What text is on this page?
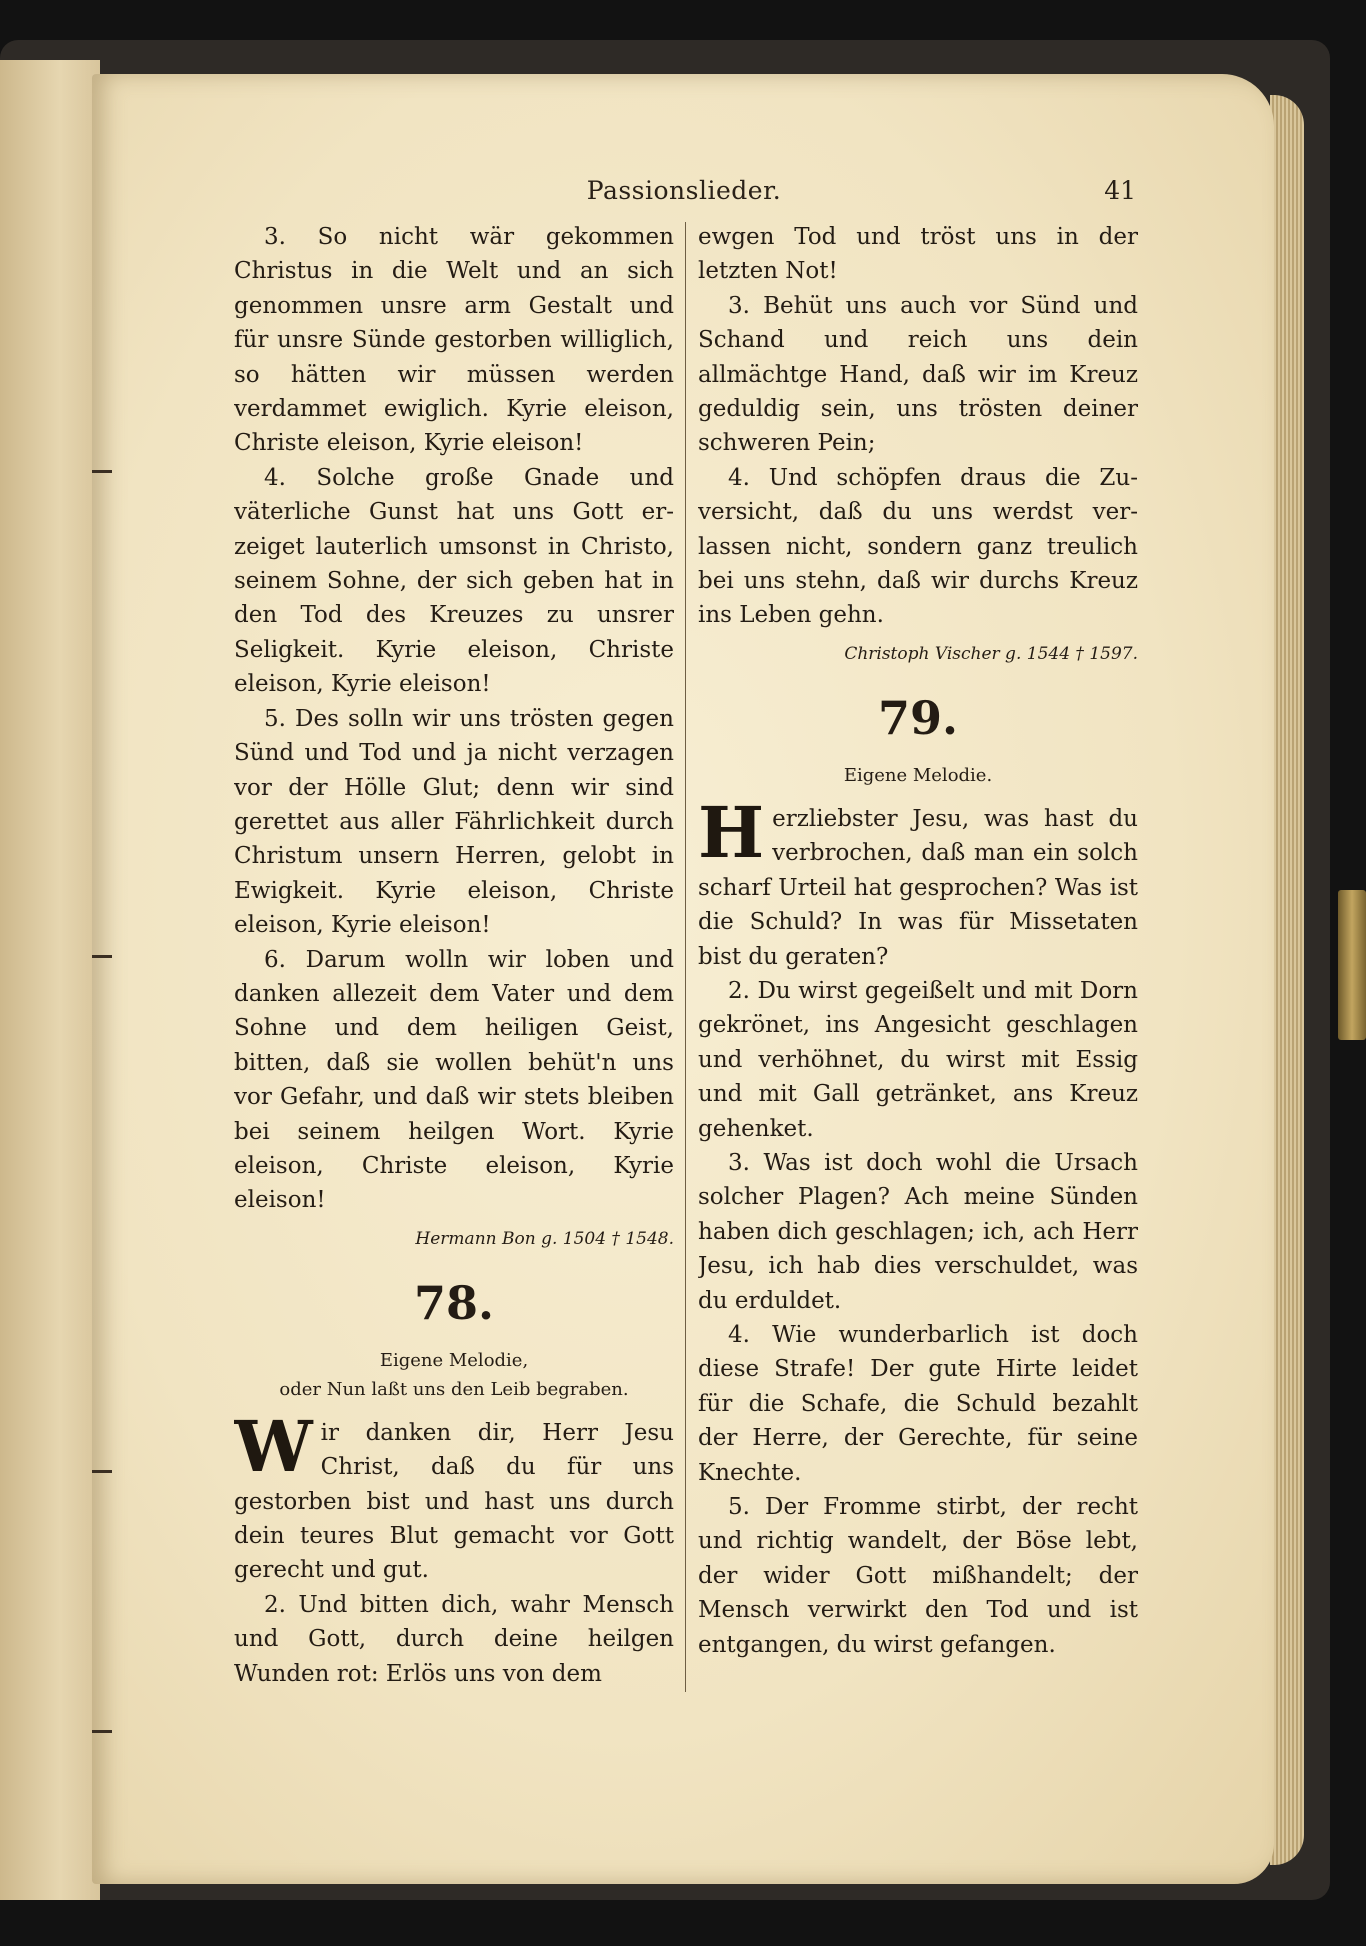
Passionslieder.	41

3. So nicht wär gekommen Christus in die Welt und an sich genommen unsre arm Gestalt und für unsre Sünde gestorben williglich, so hätten wir müssen werden verdammet ewiglich. Kyrie eleison, Christe eleison, Kyrie eleison!

4. Solche große Gnade und väterliche Gunst hat uns Gott erzeiget lauterlich umsonst in Christo, seinem Sohne, der sich geben hat in den Tod des Kreuzes zu unsrer Seligkeit. Kyrie eleison, Christe eleison, Kyrie eleison!

5. Des solln wir uns trösten gegen Sünd und Tod und ja nicht verzagen vor der Hölle Glut; denn wir sind gerettet aus aller Fährlichkeit durch Christum unsern Herren, gelobt in Ewigkeit. Kyrie eleison, Christe eleison, Kyrie eleison!

6. Darum wolln wir loben und danken allezeit dem Vater und dem Sohne und dem heiligen Geist, bitten, daß sie wollen behüt'n uns vor Gefahr, und daß wir stets bleiben bei seinem heilgen Wort. Kyrie eleison, Christe eleison, Kyrie eleison!

Hermann Bon g. 1504 † 1548.
78.
Eigene Melodie,
oder Nun laßt uns den Leib begraben.

Wir danken dir, Herr Jesu Christ, daß du für uns gestorben bist und hast uns durch dein teures Blut gemacht vor Gott gerecht und gut.

2. Und bitten dich, wahr Mensch und Gott, durch deine heilgen Wunden rot: Erlös uns von dem

ewgen Tod und tröst uns in der letzten Not!

3. Behüt uns auch vor Sünd und Schand und reich uns dein allmächtge Hand, daß wir im Kreuz geduldig sein, uns trösten deiner schweren Pein;

4. Und schöpfen draus die Zuversicht, daß du uns werdst verlassen nicht, sondern ganz treulich bei uns stehn, daß wir durchs Kreuz ins Leben gehn.

Christoph Vischer g. 1544 † 1597.
79.
Eigene Melodie.

Herzliebster Jesu, was hast du verbrochen, daß man ein solch scharf Urteil hat gesprochen? Was ist die Schuld? In was für Missetaten bist du geraten?

2. Du wirst gegeißelt und mit Dorn gekrönet, ins Angesicht geschlagen und verhöhnet, du wirst mit Essig und mit Gall getränket, ans Kreuz gehenket.

3. Was ist doch wohl die Ursach solcher Plagen? Ach meine Sünden haben dich geschlagen; ich, ach Herr Jesu, ich hab dies verschuldet, was du erduldet.

4. Wie wunderbarlich ist doch diese Strafe! Der gute Hirte leidet für die Schafe, die Schuld bezahlt der Herre, der Gerechte, für seine Knechte.

5. Der Fromme stirbt, der recht und richtig wandelt, der Böse lebt, der wider Gott mißhandelt; der Mensch verwirkt den Tod und ist entgangen, du wirst gefangen.
